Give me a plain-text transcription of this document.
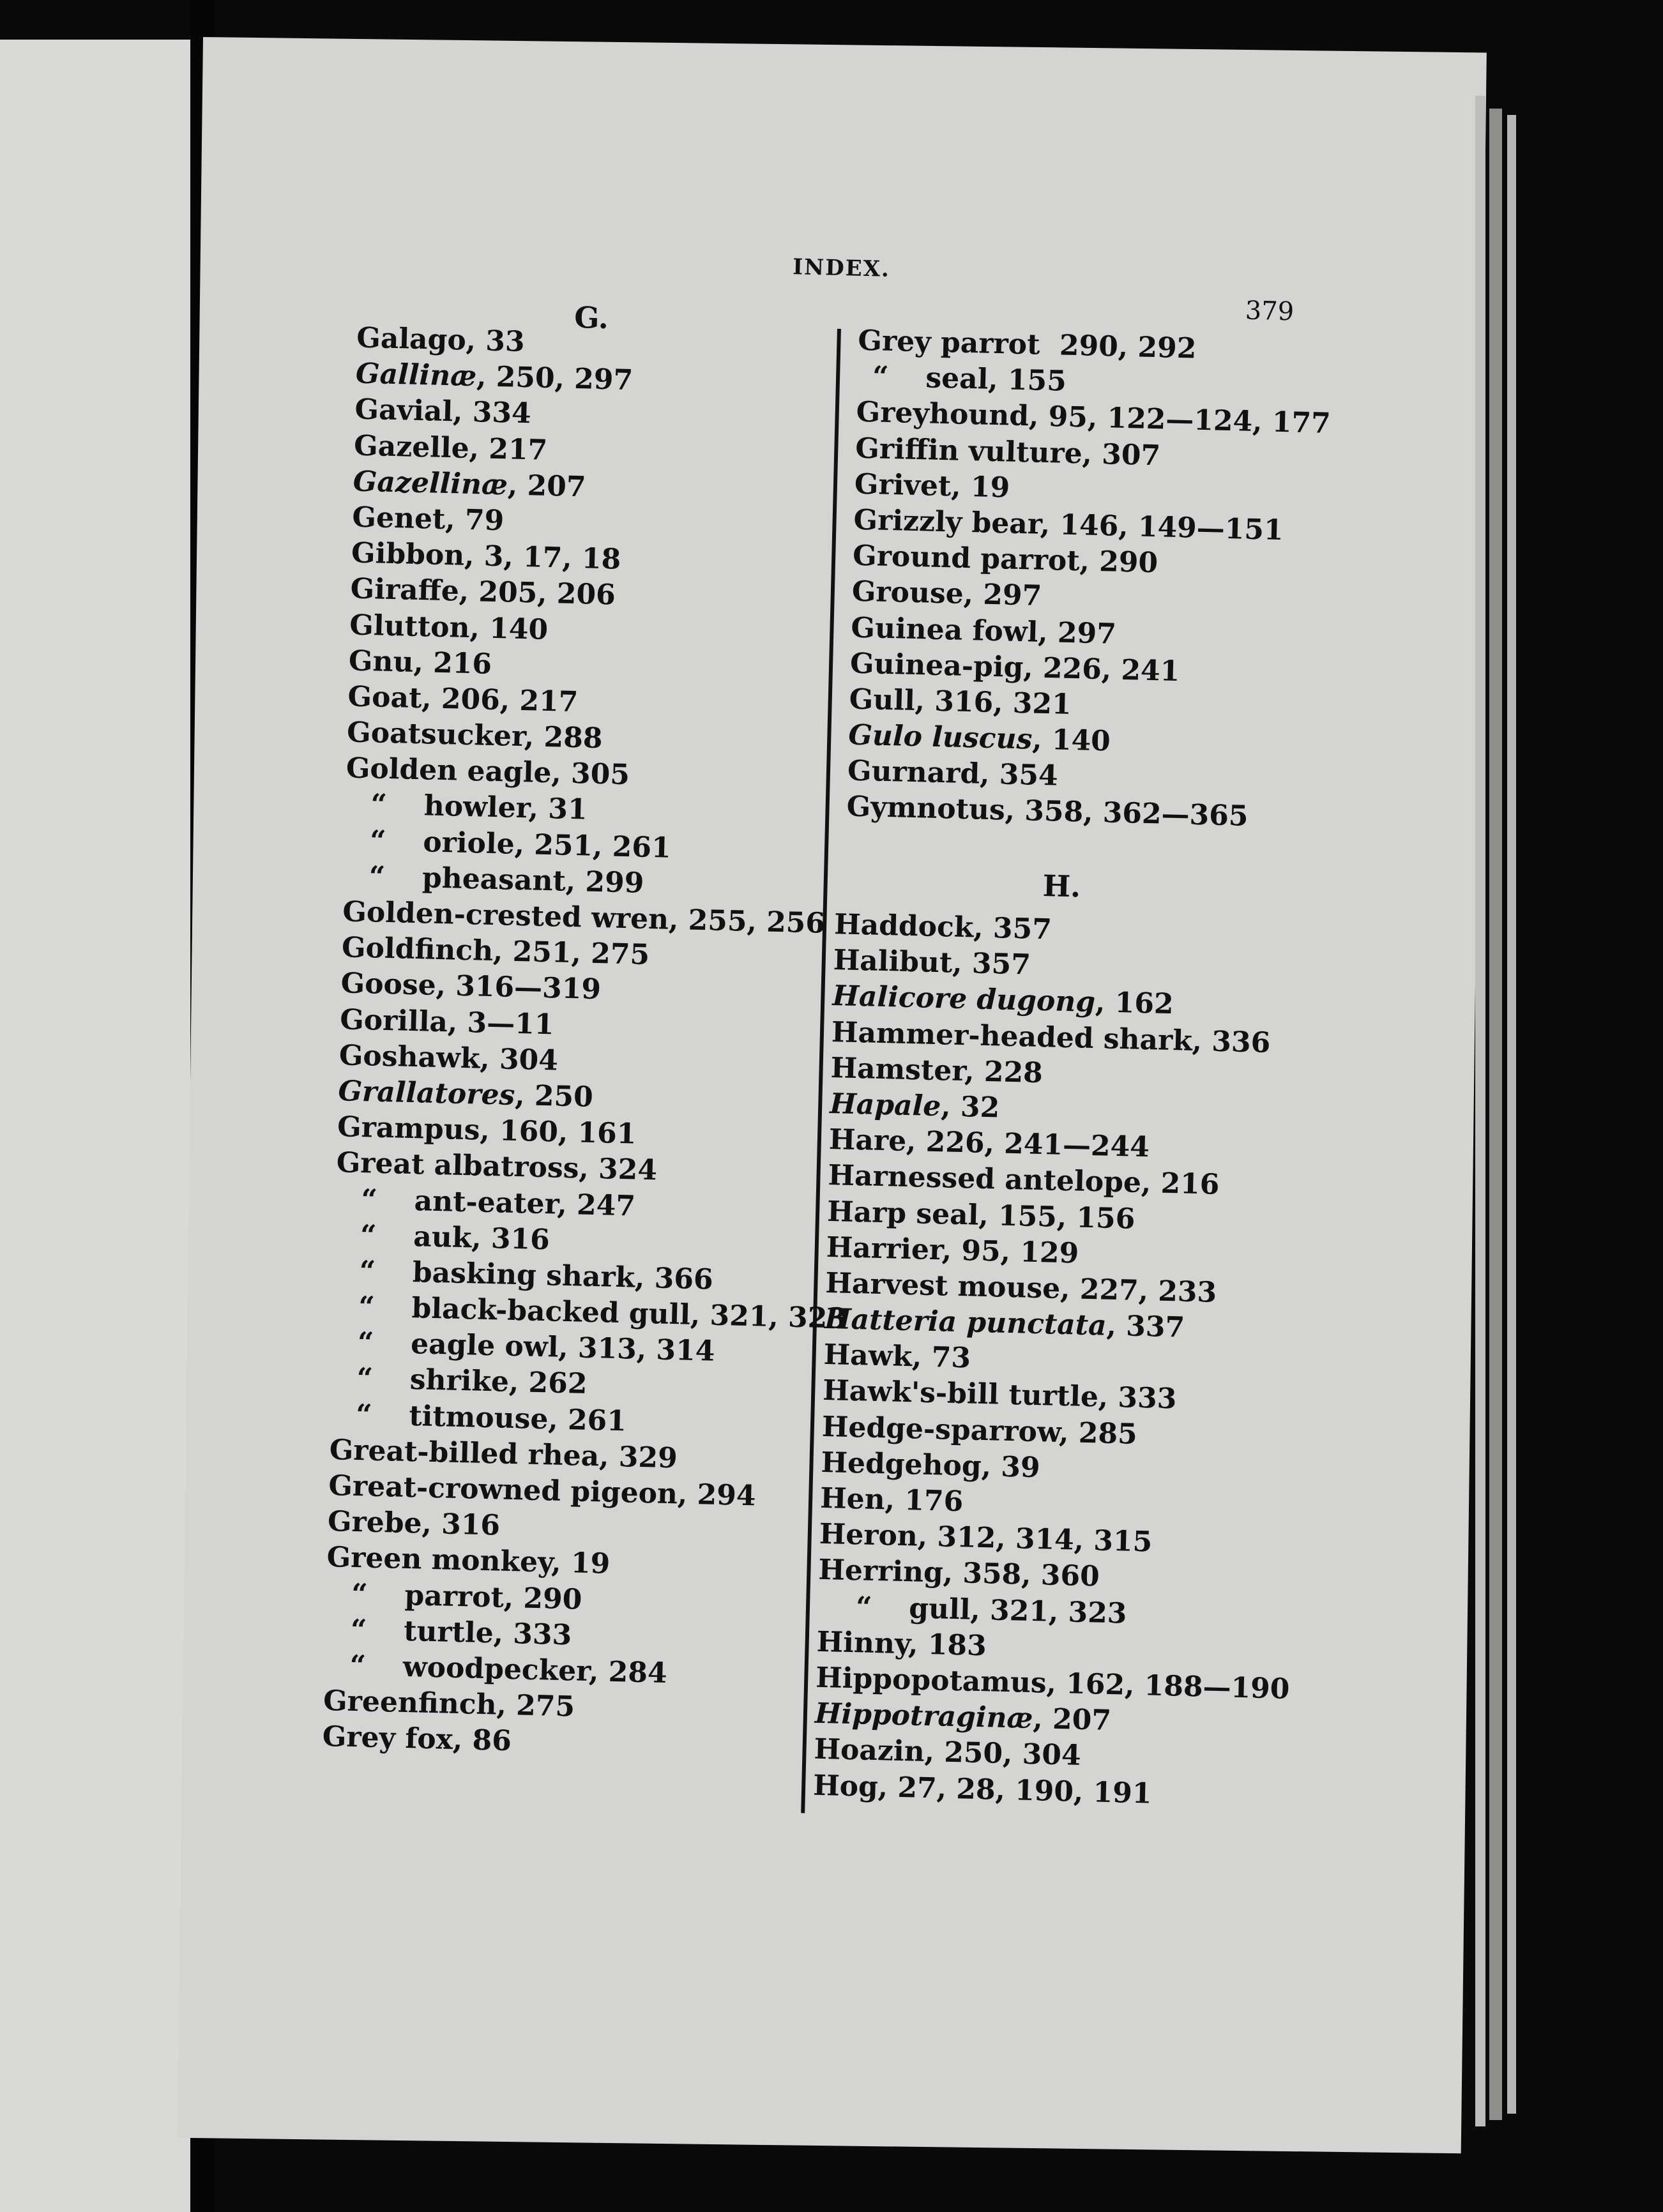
INDEX.
379
G.
H.
Galago, 33
Gallinæ, 250, 297
Gavial, 334
Gazelle, 217
Gazellinæ, 207
Genet, 79
Gibbon, 3, 17, 18
Giraffe, 205, 206
Glutton, 140
Gnu, 216
Goat, 206, 217
Goatsucker, 288
Golden eagle, 305
“ howler, 31
“ oriole, 251, 261
“ pheasant, 299
Golden-crested wren, 255, 256
Goldfinch, 251, 275
Goose, 316—319
Gorilla, 3—11
Goshawk, 304
Grallatores, 250
Grampus, 160, 161
Great albatross, 324
“ ant-eater, 247
“ auk, 316
“ basking shark, 366
“ black-backed gull, 321, 323
“ eagle owl, 313, 314
“ shrike, 262
“ titmouse, 261
Great-billed rhea, 329
Great-crowned pigeon, 294
Grebe, 316
Green monkey, 19
“ parrot, 290
“ turtle, 333
“ woodpecker, 284
Greenfinch, 275
Grey fox, 86
Grey parrot  290, 292
“ seal, 155
Greyhound, 95, 122—124, 177
Griffin vulture, 307
Grivet, 19
Grizzly bear, 146, 149—151
Ground parrot, 290
Grouse, 297
Guinea fowl, 297
Guinea-pig, 226, 241
Gull, 316, 321
Gulo luscus, 140
Gurnard, 354
Gymnotus, 358, 362—365
Haddock, 357
Halibut, 357
Halicore dugong, 162
Hammer-headed shark, 336
Hamster, 228
Hapale, 32
Hare, 226, 241—244
Harnessed antelope, 216
Harp seal, 155, 156
Harrier, 95, 129
Harvest mouse, 227, 233
Hatteria punctata, 337
Hawk, 73
Hawk's-bill turtle, 333
Hedge-sparrow, 285
Hedgehog, 39
Hen, 176
Heron, 312, 314, 315
Herring, 358, 360
“ gull, 321, 323
Hinny, 183
Hippopotamus, 162, 188—190
Hippotraginæ, 207
Hoazin, 250, 304
Hog, 27, 28, 190, 191
